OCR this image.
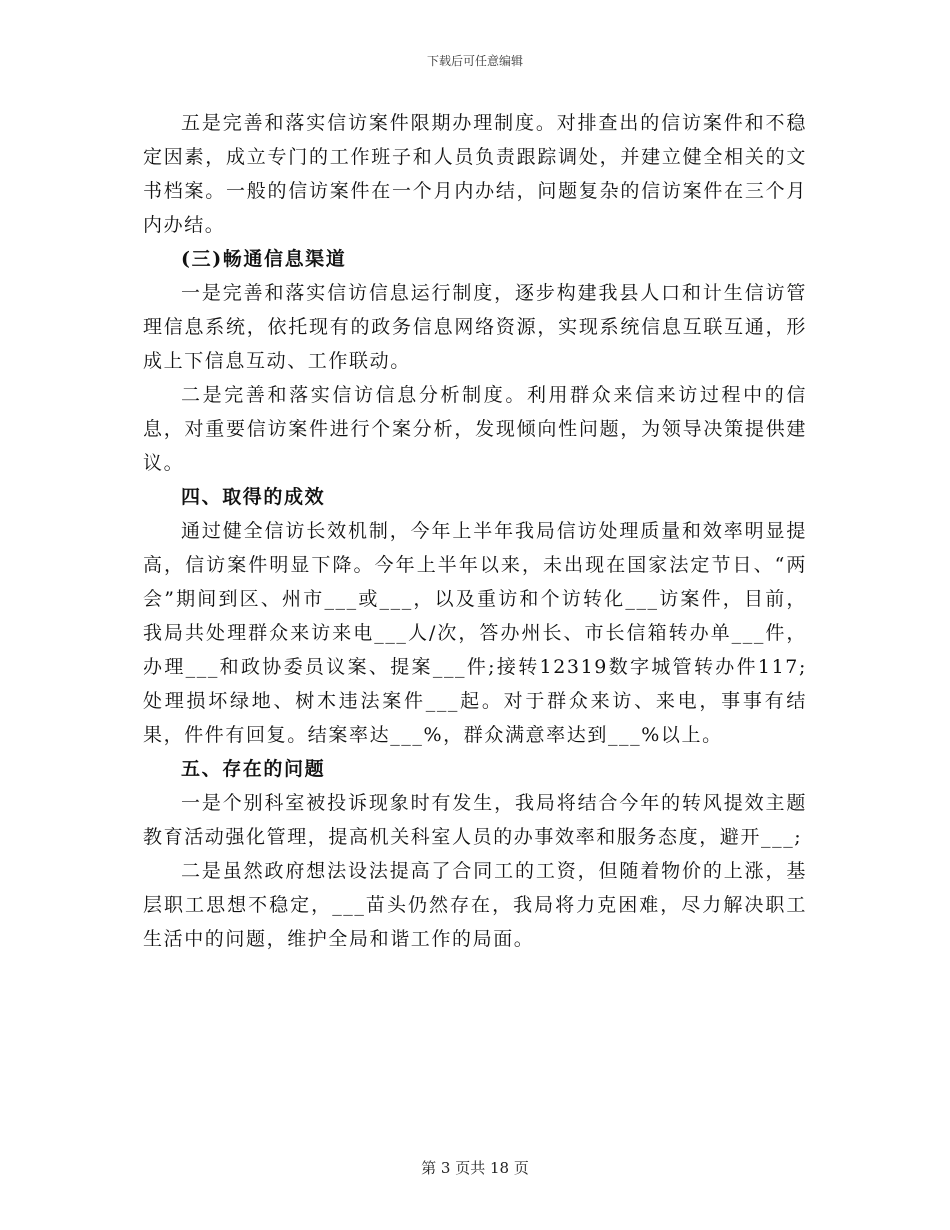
下载后可任意编辑

五是完善和落实信访案件限期办理制度。对排查出的信访案件和不稳定因素，成立专门的工作班子和人员负责跟踪调处，并建立健全相关的文书档案。一般的信访案件在一个月内办结，问题复杂的信访案件在三个月内办结。

(三)畅通信息渠道

一是完善和落实信访信息运行制度，逐步构建我县人口和计生信访管理信息系统，依托现有的政务信息网络资源，实现系统信息互联互通，形成上下信息互动、工作联动。

二是完善和落实信访信息分析制度。利用群众来信来访过程中的信息，对重要信访案件进行个案分析，发现倾向性问题，为领导决策提供建议。

四、取得的成效

通过健全信访长效机制，今年上半年我局信访处理质量和效率明显提高，信访案件明显下降。今年上半年以来，未出现在国家法定节日、“两会”期间到区、州市___或___，以及重访和个访转化___访案件，目前，我局共处理群众来访来电___人/次，答办州长、市长信箱转办单___件，办理___和政协委员议案、提案___件;接转12319数字城管转办件117;处理损坏绿地、树木违法案件___起。对于群众来访、来电，事事有结果，件件有回复。结案率达___%，群众满意率达到___%以上。

五、存在的问题

一是个别科室被投诉现象时有发生，我局将结合今年的转风提效主题教育活动强化管理，提高机关科室人员的办事效率和服务态度，避开___;

二是虽然政府想法设法提高了合同工的工资，但随着物价的上涨，基层职工思想不稳定，___苗头仍然存在，我局将力克困难，尽力解决职工生活中的问题，维护全局和谐工作的局面。

第 3 页共 18 页
